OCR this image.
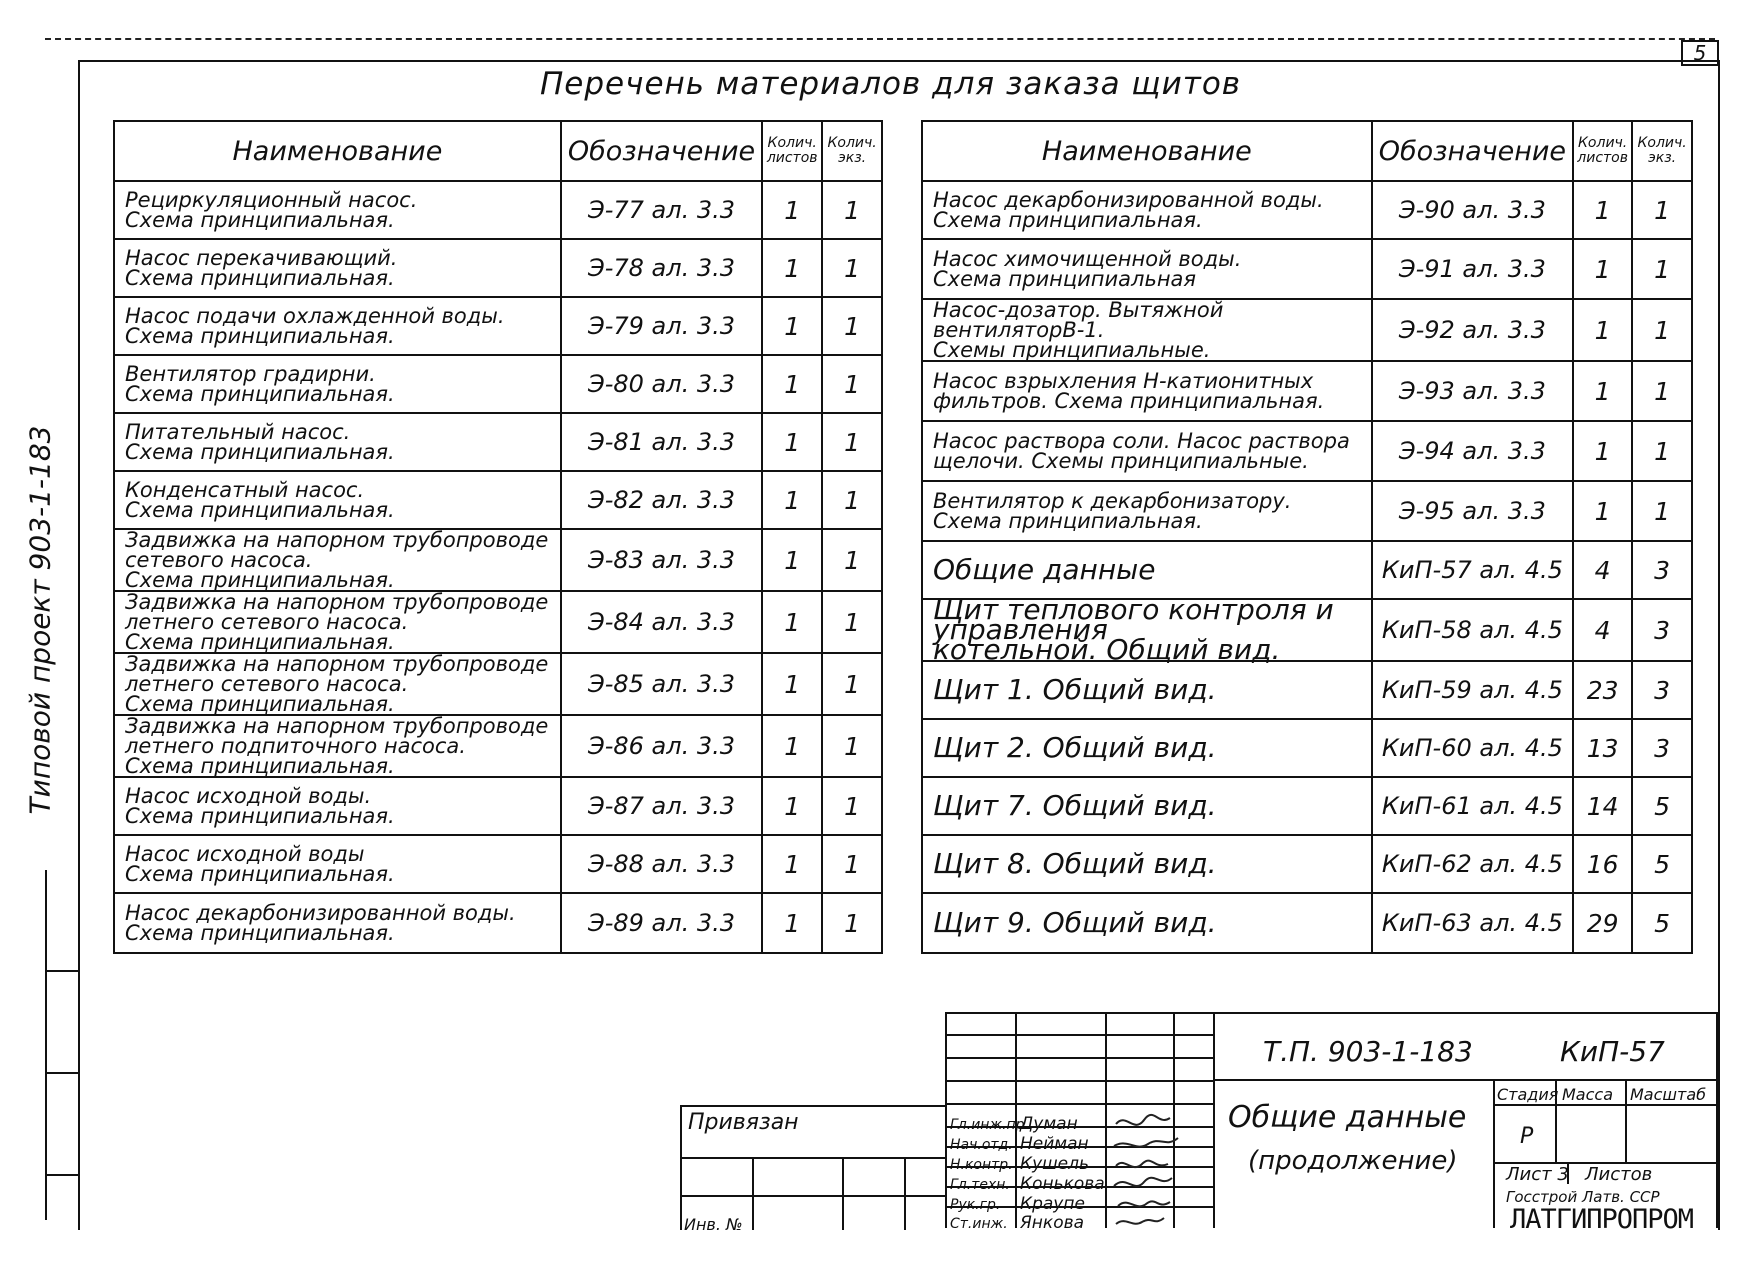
5
Типовой проект 903-1-183
Перечень материалов для заказа щитов
Наименование	Обозначение	Колич. листов	Колич. экз.
Рециркуляционный насос.
Схема принципиальная.	Э-77 ал. 3.3	1	1
Насос перекачивающий.
Схема принципиальная.	Э-78 ал. 3.3	1	1
Насос подачи охлажденной воды.
Схема принципиальная.	Э-79 ал. 3.3	1	1
Вентилятор градирни.
Схема принципиальная.	Э-80 ал. 3.3	1	1
Питательный насос.
Схема принципиальная.	Э-81 ал. 3.3	1	1
Конденсатный насос.
Схема принципиальная.	Э-82 ал. 3.3	1	1
Задвижка на напорном трубопроводе
сетевого насоса.
Схема принципиальная.	Э-83 ал. 3.3	1	1
Задвижка на напорном трубопроводе
летнего сетевого насоса.
Схема принципиальная.	Э-84 ал. 3.3	1	1
Задвижка на напорном трубопроводе
летнего сетевого насоса.
Схема принципиальная.	Э-85 ал. 3.3	1	1
Задвижка на напорном трубопроводе
летнего подпиточного насоса.
Схема принципиальная.	Э-86 ал. 3.3	1	1
Насос исходной воды.
Схема принципиальная.	Э-87 ал. 3.3	1	1
Насос исходной воды
Схема принципиальная.	Э-88 ал. 3.3	1	1
Насос декарбонизированной воды.
Схема принципиальная.	Э-89 ал. 3.3	1	1
Наименование	Обозначение	Колич. листов	Колич. экз.
Насос декарбонизированной воды.
Схема принципиальная.	Э-90 ал. 3.3	1	1
Насос химочищенной воды.
Схема принципиальная	Э-91 ал. 3.3	1	1
Насос-дозатор. Вытяжной вентиляторВ-1.
Схемы принципиальные.	Э-92 ал. 3.3	1	1
Насос взрыхления Н-катионитных
фильтров. Схема принципиальная.	Э-93 ал. 3.3	1	1
Насос раствора соли. Насос раствора
щелочи. Схемы принципиальные.	Э-94 ал. 3.3	1	1
Вентилятор к декарбонизатору.
Схема принципиальная.	Э-95 ал. 3.3	1	1
Общие данные	КиП-57 ал. 4.5	4	3
Щит теплового контроля и управления
котельной. Общий вид.	КиП-58 ал. 4.5	4	3
Щит 1. Общий вид.	КиП-59 ал. 4.5	23	3
Щит 2. Общий вид.	КиП-60 ал. 4.5	13	3
Щит 7. Общий вид.	КиП-61 ал. 4.5	14	5
Щит 8. Общий вид.	КиП-62 ал. 4.5	16	5
Щит 9. Общий вид.	КиП-63 ал. 4.5	29	5
Привязан
Инв. №
Т.П. 903-1-183	КиП-57
Общие данные
(продолжение)
Стадия Масса Масштаб
Р
Лист 3 Листов
Госстрой Латв. ССР
ЛАТГИПРОПРОМ
Гл.инж.пр.
Нач.отд.
Н.контр.
Гл.техн.
Рук.гр.
Ст.инж.
Думан
Нейман
Кушель
Конькова
Краупе
Янкова
